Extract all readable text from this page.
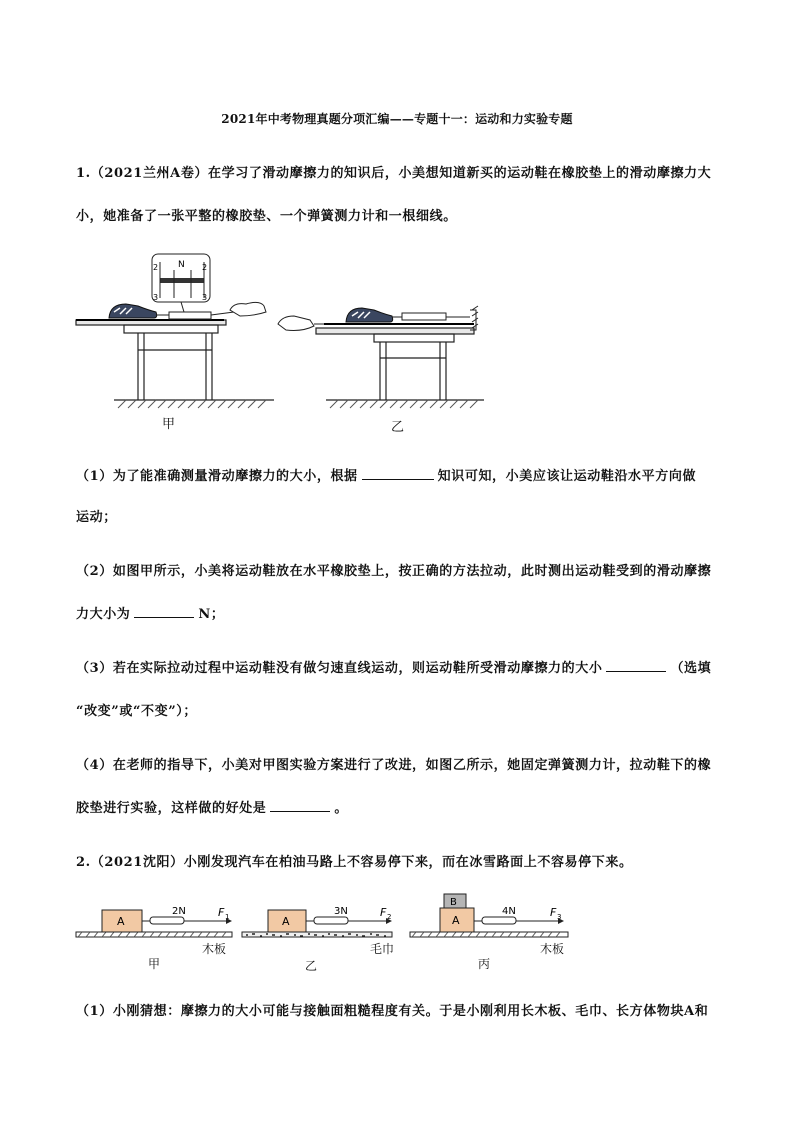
2021年中考物理真题分项汇编——专题十一：运动和力实验专题
1.（2021兰州A卷）在学习了滑动摩擦力的知识后，小美想知道新买的运动鞋在橡胶垫上的滑动摩擦力大
小，她准备了一张平整的橡胶垫、一个弹簧测力计和一根细线。
N
2
3
2
3
甲	乙
（1）为了能准确测量滑动摩擦力的大小，根据	知识可知，小美应该让运动鞋沿水平方向做
运动；
（2）如图甲所示，小美将运动鞋放在水平橡胶垫上，按正确的方法拉动，此时测出运动鞋受到的滑动摩擦
力大小为	N；
（3）若在实际拉动过程中运动鞋没有做匀速直线运动，则运动鞋所受滑动摩擦力的大小	（选填
“改变”或“不变”）；
（4）在老师的指导下，小美对甲图实验方案进行了改进，如图乙所示，她固定弹簧测力计，拉动鞋下的橡
胶垫进行实验，这样做的好处是	。
2.（2021沈阳）小刚发现汽车在柏油马路上不容易停下来，而在冰雪路面上不容易停下来。
A
2N	F 1	A
3N	F 2
B
A
4N	F 3
木板	毛巾	木板
甲	乙	丙
（1）小刚猜想：摩擦力的大小可能与接触面粗糙程度有关。于是小刚利用长木板、毛巾、长方体物块A和
